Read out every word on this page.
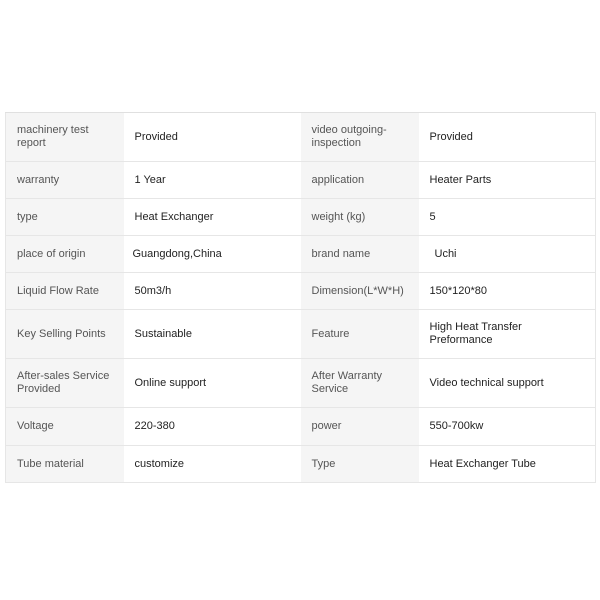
machinery test report	Provided	video outgoing-inspection	Provided
warranty	1 Year	application	Heater Parts
type	Heat Exchanger	weight (kg)	5
place of origin	Guangdong,China	brand name	Uchi
Liquid Flow Rate	50m3/h	Dimension(L*W*H)	150*120*80
Key Selling Points	Sustainable	Feature	High Heat Transfer Preformance
After-sales Service Provided	Online support	After Warranty Service	Video technical support
Voltage	220-380	power	550-700kw
Tube material	customize	Type	Heat Exchanger Tube
